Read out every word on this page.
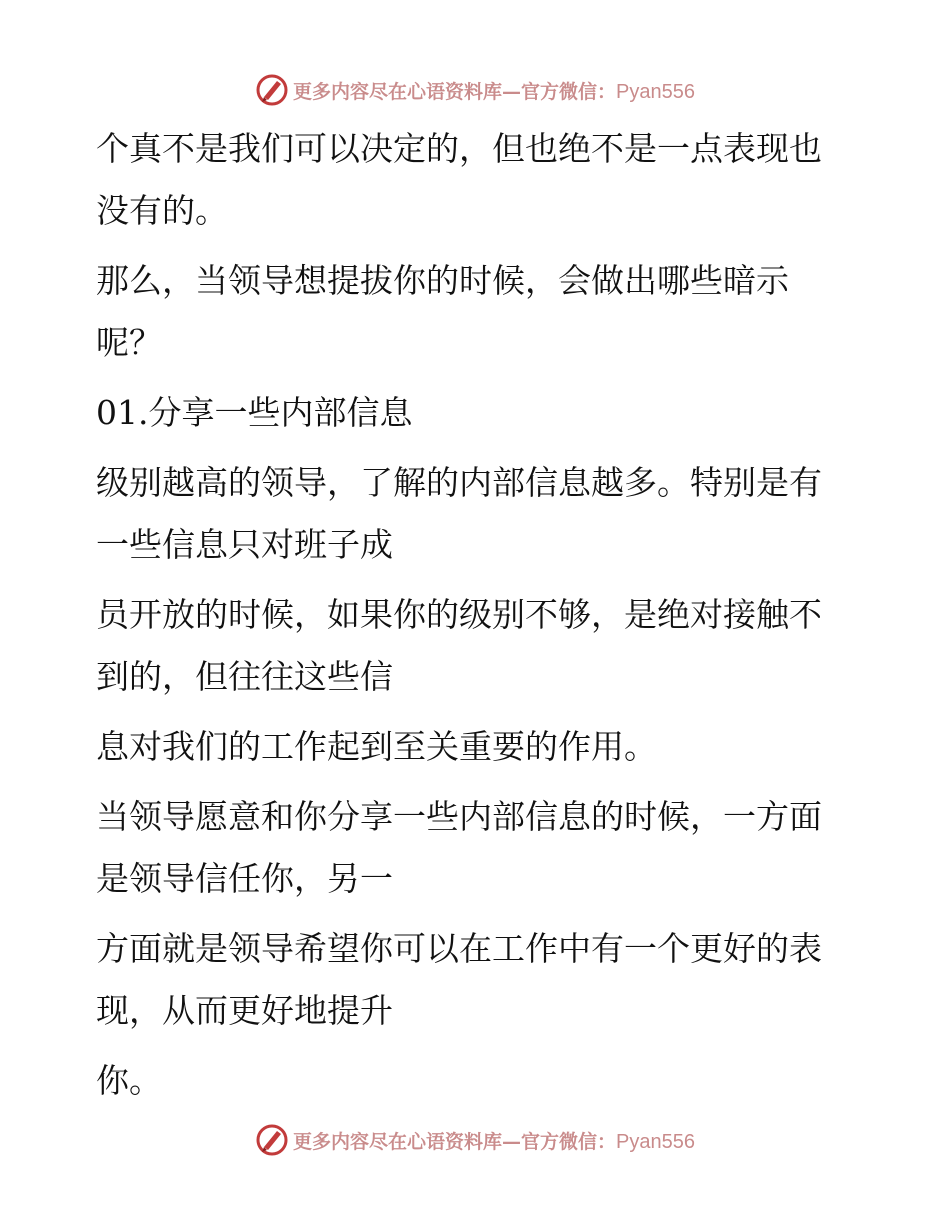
更多内容尽在心语资料库—官方微信：Pyan556

个真不是我们可以决定的，但也绝不是一点表现也没有的。

那么，当领导想提拔你的时候，会做出哪些暗示呢？

01.分享一些内部信息

级别越高的领导，了解的内部信息越多。特别是有一些信息只对班子成

员开放的时候，如果你的级别不够，是绝对接触不到的，但往往这些信

息对我们的工作起到至关重要的作用。

当领导愿意和你分享一些内部信息的时候，一方面是领导信任你，另一

方面就是领导希望你可以在工作中有一个更好的表现，从而更好地提升

你。

更多内容尽在心语资料库—官方微信：Pyan556
